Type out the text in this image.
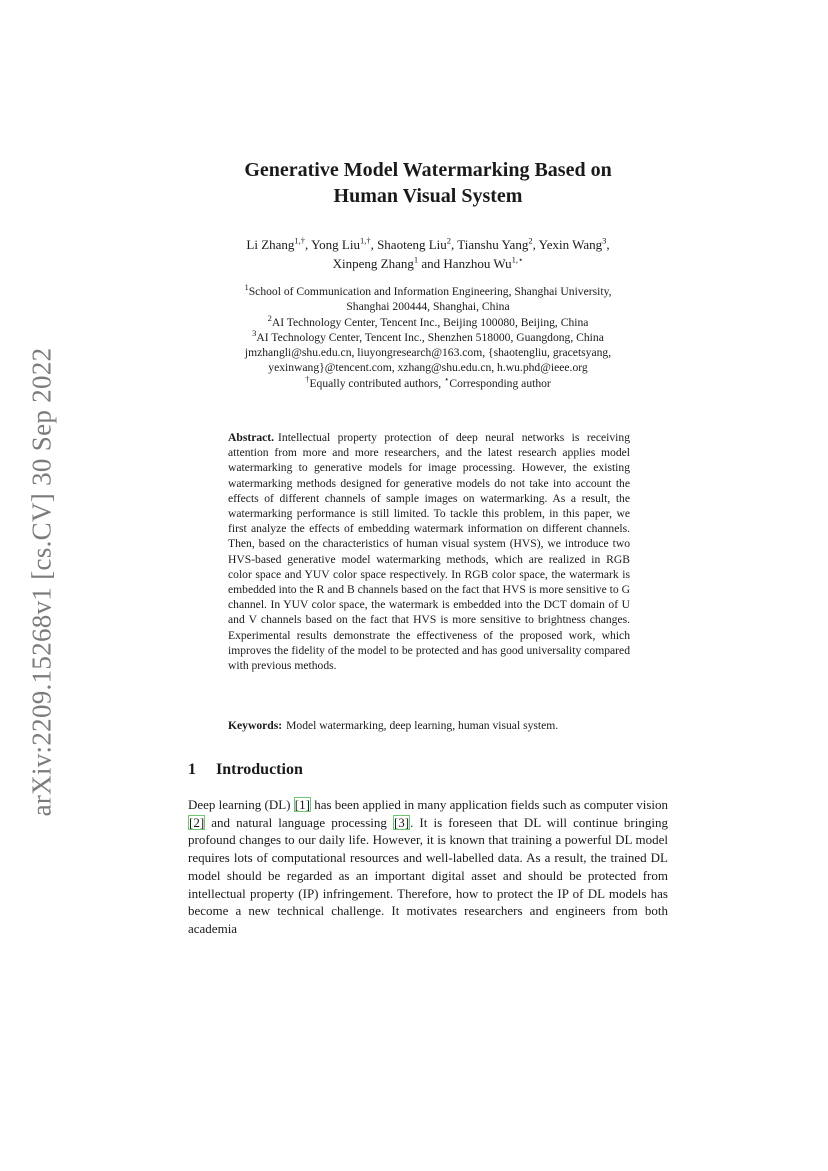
arXiv:2209.15268v1 [cs.CV] 30 Sep 2022
Generative Model Watermarking Based on
Human Visual System
Li Zhang$^{1,\dagger}$, Yong Liu$^{1,\dagger}$, Shaoteng Liu$^2$, Tianshu Yang$^2$, Yexin Wang$^3$,
Xinpeng Zhang$^1$ and Hanzhou $Wu^{1,⋆}$
$^1$School of Communication and Information Engineering, Shanghai University,
Shanghai 200444, Shanghai, China
$^2$AI Technology Center, Tencent Inc., Beijing 100080, Beijing, China
$^3$AI Technology Center, Tencent Inc., Shenzhen 518000, Guangdong, China
jmzhangli@shu.edu.cn, liuyongresearch@163.com, {shaotengliu, gracetsyang,
yexinwang}@tencent.com, xzhang@shu.edu.cn, h.wu.phd@ieee.org
†Equally contributed authors, ⋆Corresponding author

Abstract. Intellectual property protection of deep neural networks is receiving attention from more and more researchers, and the latest research applies model watermarking to generative models for image processing. However, the existing watermarking methods designed for generative models do not take into account the effects of different channels of sample images on watermarking. As a result, the watermarking performance is still limited. To tackle this problem, in this paper, we first analyze the effects of embedding watermark information on different channels. Then, based on the characteristics of human visual system (HVS), we introduce two HVS-based generative model watermarking methods, which are realized in RGB color space and YUV color space respectively. In RGB color space, the watermark is embedded into the R and B channels based on the fact that HVS is more sensitive to G channel. In YUV color space, the watermark is embedded into the DCT domain of U and V channels based on the fact that HVS is more sensitive to brightness changes. Experimental results demonstrate the effectiveness of the proposed work, which improves the fidelity of the model to be protected and has good universality compared with previous methods.

Keywords: Model watermarking, deep learning, human visual system.

1 Introduction

Deep learning (DL) [1] has been applied in many application fields such as computer vision [2] and natural language processing [3]. It is foreseen that DL will continue bringing profound changes to our daily life. However, it is known that training a powerful DL model requires lots of computational resources and well-labelled data. As a result, the trained DL model should be regarded as an important digital asset and should be protected from intellectual property (IP) infringement. Therefore, how to protect the IP of DL models has become a new technical challenge. It motivates researchers and engineers from both academia
